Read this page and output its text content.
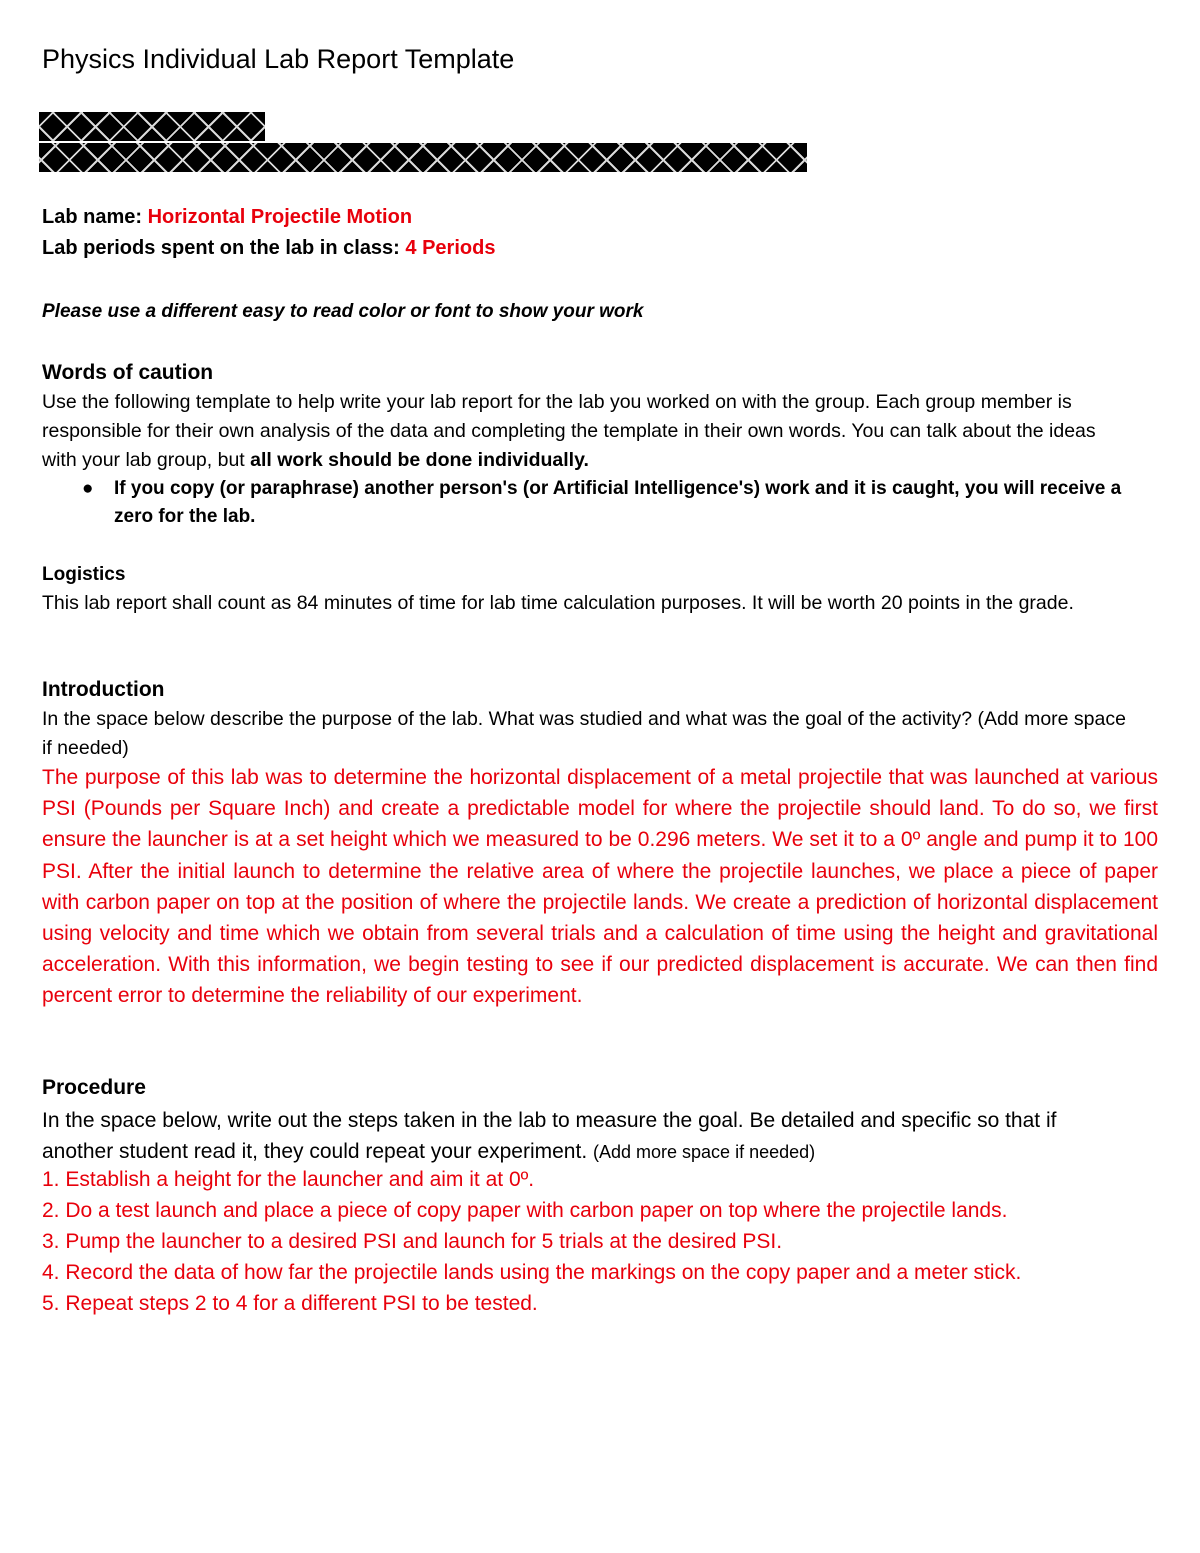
Physics Individual Lab Report Template
Lab name: Horizontal Projectile Motion
Lab periods spent on the lab in class: 4 Periods
Please use a different easy to read color or font to show your work
Words of caution
Use the following template to help write your lab report for the lab you worked on with the group. Each group member is responsible for their own analysis of the data and completing the template in their own words. You can talk about the ideas with your lab group, but all work should be done individually.
● If you copy (or paraphrase) another person's (or Artificial Intelligence's) work and it is caught, you will receive a zero for the lab.
Logistics
This lab report shall count as 84 minutes of time for lab time calculation purposes. It will be worth 20 points in the grade.
Introduction
In the space below describe the purpose of the lab. What was studied and what was the goal of the activity? (Add more space if needed)
The purpose of this lab was to determine the horizontal displacement of a metal projectile that was launched at various PSI (Pounds per Square Inch) and create a predictable model for where the projectile should land. To do so, we first ensure the launcher is at a set height which we measured to be 0.296 meters. We set it to a 0º angle and pump it to 100 PSI. After the initial launch to determine the relative area of where the projectile launches, we place a piece of paper with carbon paper on top at the position of where the projectile lands. We create a prediction of horizontal displacement using velocity and time which we obtain from several trials and a calculation of time using the height and gravitational acceleration. With this information, we begin testing to see if our predicted displacement is accurate. We can then find percent error to determine the reliability of our experiment.
Procedure
In the space below, write out the steps taken in the lab to measure the goal. Be detailed and specific so that if another student read it, they could repeat your experiment. (Add more space if needed)
1. Establish a height for the launcher and aim it at 0º.
2. Do a test launch and place a piece of copy paper with carbon paper on top where the projectile lands.
3. Pump the launcher to a desired PSI and launch for 5 trials at the desired PSI.
4. Record the data of how far the projectile lands using the markings on the copy paper and a meter stick.
5. Repeat steps 2 to 4 for a different PSI to be tested.
